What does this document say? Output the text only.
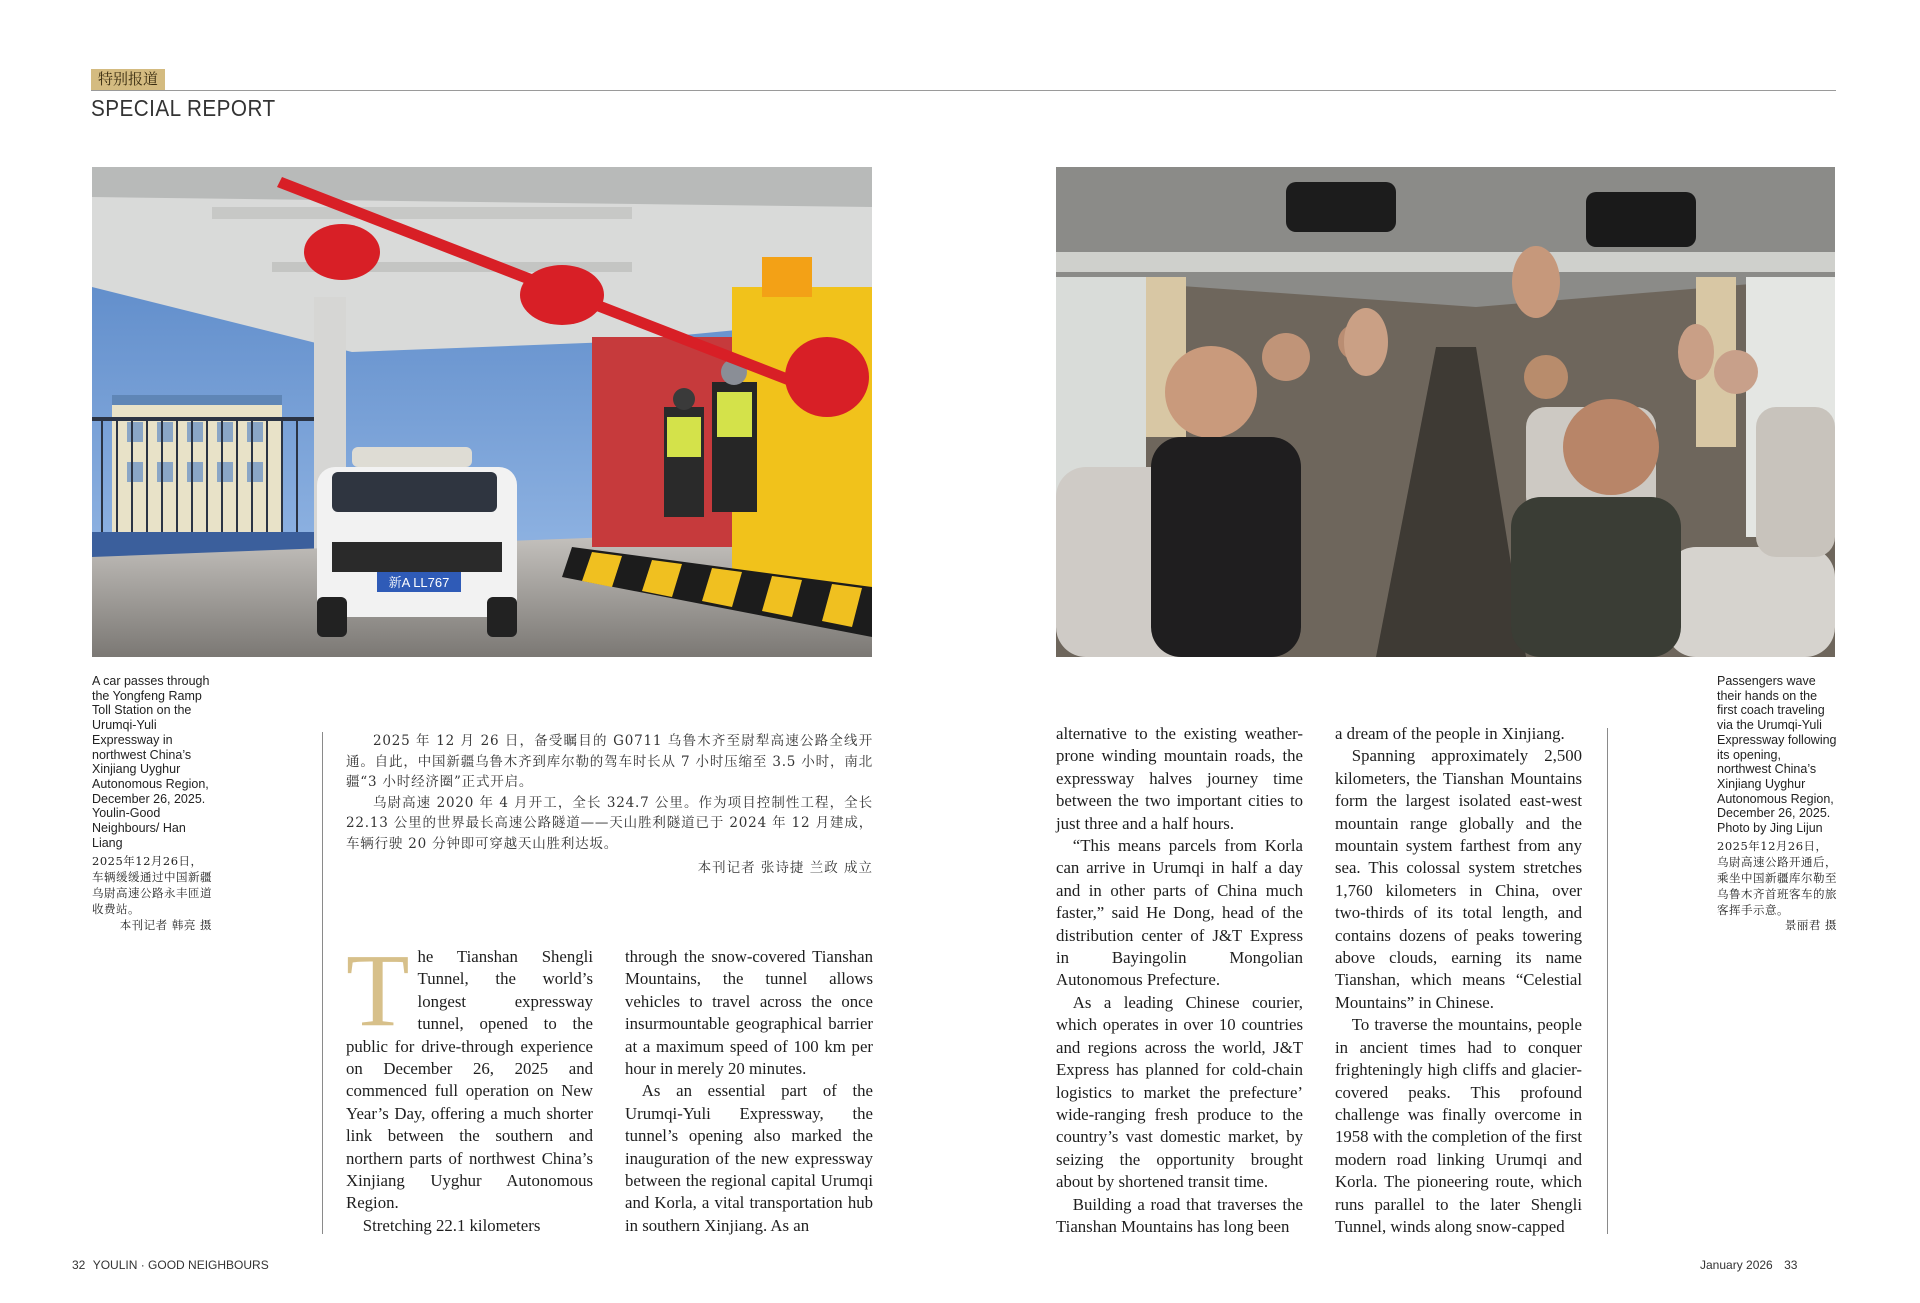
特别报道
SPECIAL REPORT
新A LL767
A car passes through the Yongfeng Ramp Toll Station on the Urumqi-Yuli Expressway in northwest China’s Xinjiang Uyghur Autonomous Region, December 26, 2025. Youlin-Good Neighbours/ Han Liang
2025年12月26日，车辆缓缓通过中国新疆乌尉高速公路永丰匝道收费站。
本刊记者 韩亮 摄
Passengers wave their hands on the first coach traveling via the Urumqi-Yuli Expressway following its opening, northwest China’s Xinjiang Uyghur Autonomous Region, December 26, 2025. Photo by Jing Lijun
2025年12月26日，乌尉高速公路开通后，乘坐中国新疆库尔勒至乌鲁木齐首班客车的旅客挥手示意。
景丽君 摄

2025 年 12 月 26 日，备受瞩目的 G0711 乌鲁木齐至尉犁高速公路全线开通。自此，中国新疆乌鲁木齐到库尔勒的驾车时长从 7 小时压缩至 3.5 小时，南北疆“3 小时经济圈”正式开启。

乌尉高速 2020 年 4 月开工，全长 324.7 公里。作为项目控制性工程，全长 22.13 公里的世界最长高速公路隧道——天山胜利隧道已于 2024 年 12 月建成，车辆行驶 20 分钟即可穿越天山胜利达坂。

本刊记者 张诗捷 兰政 成立
T he Tianshan Shengli Tunnel, the world’s longest expressway tunnel, opened to the public for drive-through experience on December 26, 2025 and commenced full operation on New Year’s Day, offering a much shorter link between the southern and northern parts of northwest China’s Xinjiang Uyghur Autonomous Region.

Stretching 22.1 kilometers

through the snow-covered Tianshan Mountains, the tunnel allows vehicles to travel across the once insurmountable geographical barrier at a maximum speed of 100 km per hour in merely 20 minutes.

As an essential part of the Urumqi-Yuli Expressway, the tunnel’s opening also marked the inauguration of the new expressway between the regional capital Urumqi and Korla, a vital transportation hub in southern Xinjiang. As an

alternative to the existing weather-prone winding mountain roads, the expressway halves journey time between the two important cities to just three and a half hours.

“This means parcels from Korla can arrive in Urumqi in half a day and in other parts of China much faster,” said He Dong, head of the distribution center of J&T Express in Bayingolin Mongolian Autonomous Prefecture.

As a leading Chinese courier, which operates in over 10 countries and regions across the world, J&T Express has planned for cold-chain logistics to market the prefecture’ wide-ranging fresh produce to the country’s vast domestic market, by seizing the opportunity brought about by shortened transit time.

Building a road that traverses the Tianshan Mountains has long been

a dream of the people in Xinjiang.

Spanning approximately 2,500 kilometers, the Tianshan Mountains form the largest isolated east-west mountain range globally and the mountain system farthest from any sea. This colossal system stretches 1,760 kilometers in China, over two-thirds of its total length, and contains dozens of peaks towering above clouds, earning its name Tianshan, which means “Celestial Mountains” in Chinese.

To traverse the mountains, people in ancient times had to conquer frighteningly high cliffs and glacier-covered peaks. This profound challenge was finally overcome in 1958 with the completion of the first modern road linking Urumqi and Korla. The pioneering route, which runs parallel to the later Shengli Tunnel, winds along snow-capped

32 YOULIN · GOOD NEIGHBOURS	January 2026 33
